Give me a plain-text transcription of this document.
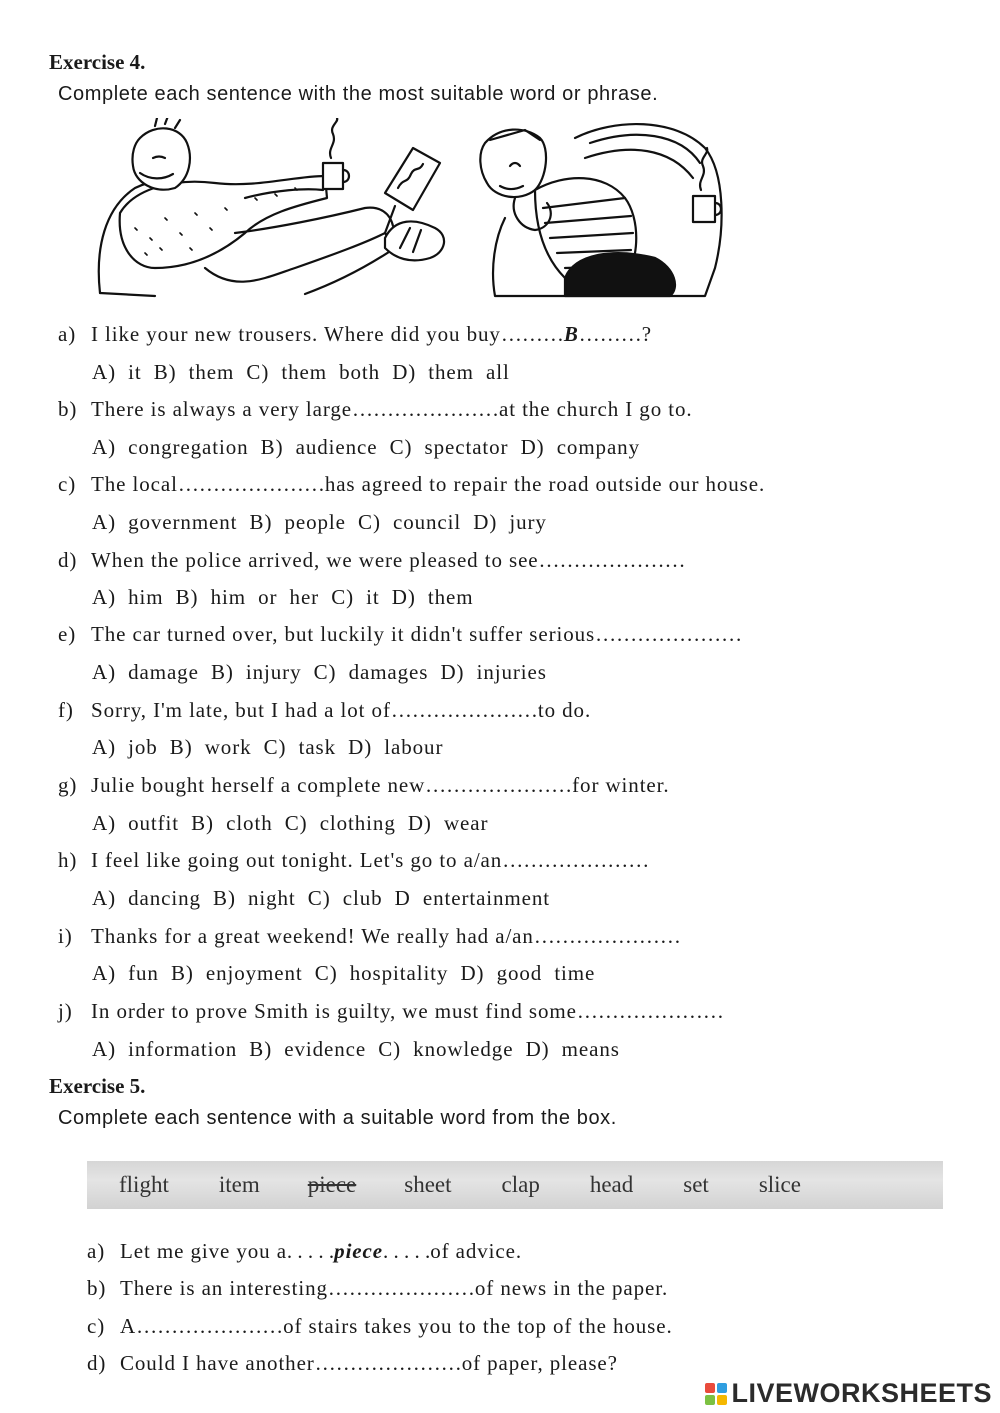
Exercise 4.
Complete each sentence with the most suitable word or phrase.
a) I like your new trousers. Where did you buy………B………?
A) it B) them C) them both D) them all
b) There is always a very large…………………at the church I go to.
A) congregation B) audience C) spectator D) company
c) The local…………………has agreed to repair the road outside our house.
A) government B) people C) council D) jury
d) When the police arrived, we were pleased to see…………………
A) him B) him or her C) it D) them
e) The car turned over, but luckily it didn't suffer serious…………………
A) damage B) injury C) damages D) injuries
f) Sorry, I'm late, but I had a lot of…………………to do.
A) job B) work C) task D) labour
g) Julie bought herself a complete new…………………for winter.
A) outfit B) cloth C) clothing D) wear
h) I feel like going out tonight. Let's go to a/an…………………
A) dancing B) night C) club D entertainment
i) Thanks for a great weekend! We really had a/an…………………
A) fun B) enjoyment C) hospitality D) good time
j) In order to prove Smith is guilty, we must find some…………………
A) information B) evidence C) knowledge D) means
Exercise 5.
Complete each sentence with a suitable word from the box.
flight item piece sheet clap head set slice
a) Let me give you a. . . . .piece. . . . .of advice.
b) There is an interesting…………………of news in the paper.
c) A…………………of stairs takes you to the top of the house.
d) Could I have another…………………of paper, please?
LIVEWORKSHEETS
